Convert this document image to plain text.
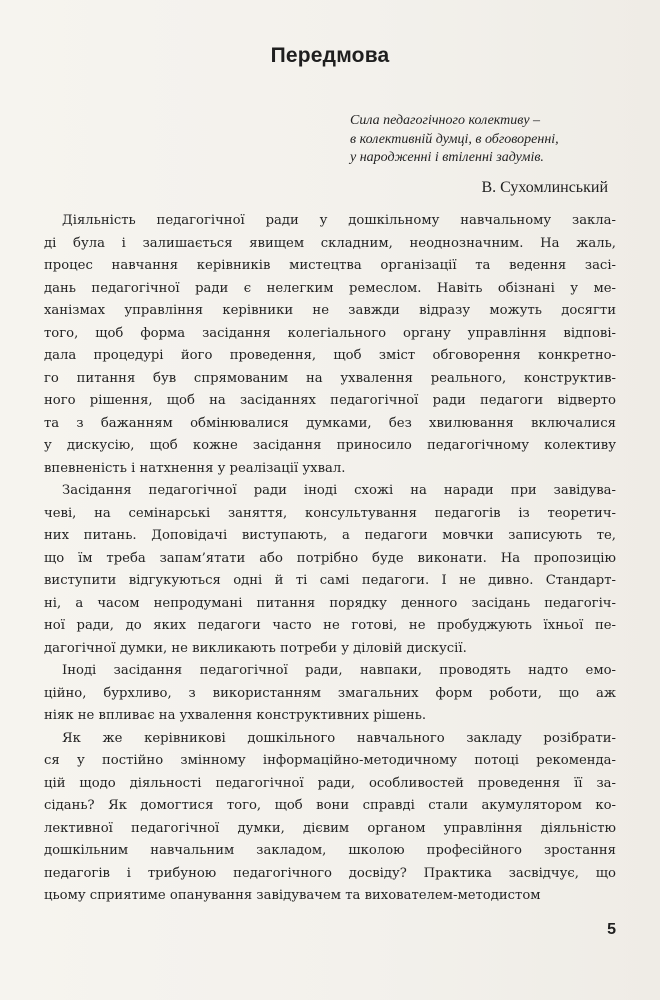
Передмова
Сила педагогічного колективу –
в колективній думці, в обговоренні,
у народженні і втіленні задумів.
В. Сухомлинський

Діяльність педагогічної ради у дошкільному навчальному закла-
ді була і залишається явищем складним, неоднозначним. На жаль,
процес навчання керівників мистецтва організації та ведення засі-
дань педагогічної ради є нелегким ремеслом. Навіть обізнані у ме-
ханізмах управління керівники не завжди відразу можуть досягти
того, щоб форма засідання колегіального органу управління відпові-
дала процедурі його проведення, щоб зміст обговорення конкретно-
го питання був спрямованим на ухвалення реального, конструктив-
ного рішення, щоб на засіданнях педагогічної ради педагоги відверто
та з бажанням обмінювалися думками, без хвилювання включалися
у дискусію, щоб кожне засідання приносило педагогічному колективу
впевненість і натхнення у реалізації ухвал.

Засідання педагогічної ради іноді схожі на наради при завідува-
чеві, на семінарські заняття, консультування педагогів із теоретич-
них питань. Доповідачі виступають, а педагоги мовчки записують те,
що їм треба запам’ятати або потрібно буде виконати. На пропозицію
виступити відгукуються одні й ті самі педагоги. І не дивно. Стандарт-
ні, а часом непродумані питання порядку денного засідань педагогіч-
ної ради, до яких педагоги часто не готові, не пробуджують їхньої пе-
дагогічної думки, не викликають потреби у діловій дискусії.

Іноді засідання педагогічної ради, навпаки, проводять надто емо-
ційно, бурхливо, з використанням змагальних форм роботи, що аж
ніяк не впливає на ухвалення конструктивних рішень.

Як же керівникові дошкільного навчального закладу розібрати-
ся у постійно змінному інформаційно-методичному потоці рекоменда-
цій щодо діяльності педагогічної ради, особливостей проведення її за-
сідань? Як домогтися того, щоб вони справді стали акумулятором ко-
лективної педагогічної думки, дієвим органом управління діяльністю
дошкільним навчальним закладом, школою професійного зростання
педагогів і трибуною педагогічного досвіду? Практика засвідчує, що
цьому сприятиме опанування завідувачем та вихователем-методистом

5
